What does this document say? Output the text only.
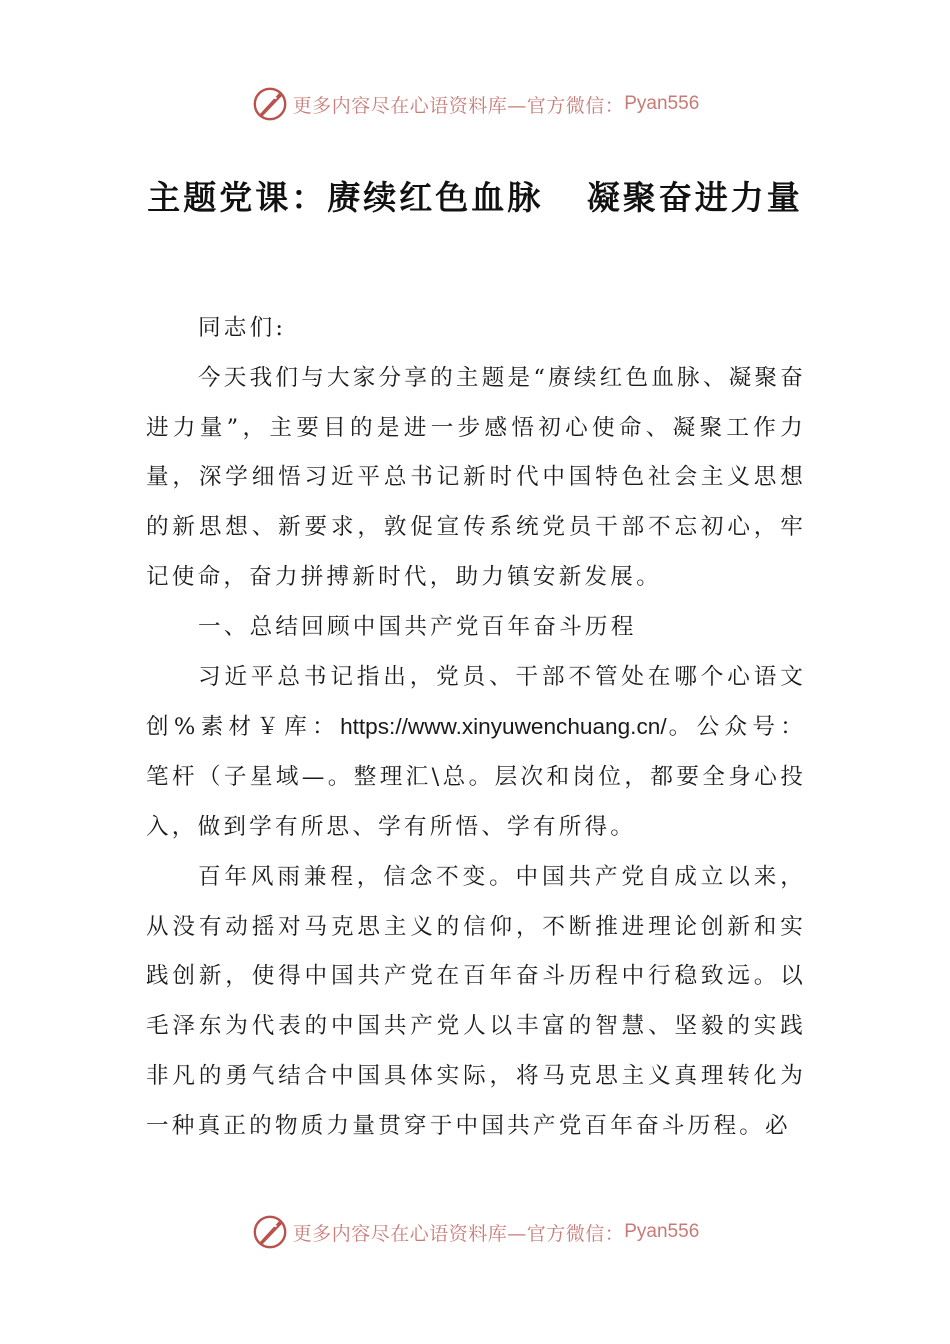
更多内容尽在心语资料库—官方微信： Pyan556
主题党课：赓续红色血脉   凝聚奋进力量

同志们:

今天我们与大家分享的主题是“赓续红色血脉、凝聚奋进力量”，主要目的是进一步感悟初心使命、凝聚工作力量，深学细悟习近平总书记新时代中国特色社会主义思想的新思想、新要求，敦促宣传系统党员干部不忘初心，牢记使命，奋力拼搏新时代，助力镇安新发展。

一、总结回顾中国共产党百年奋斗历程

习近平总书记指出，党员、干部不管处在哪个心语文创%素材￥库：https://www.xinyuwenchuang.cn/。公众号：笔杆（子星域—。整理汇\总。层次和岗位，都要全身心投入，做到学有所思、学有所悟、学有所得。

百年风雨兼程，信念不变。中国共产党自成立以来，从没有动摇对马克思主义的信仰，不断推进理论创新和实践创新，使得中国共产党在百年奋斗历程中行稳致远。以毛泽东为代表的中国共产党人以丰富的智慧、坚毅的实践非凡的勇气结合中国具体实际，将马克思主义真理转化为一种真正的物质力量贯穿于中国共产党百年奋斗历程。必

更多内容尽在心语资料库—官方微信： Pyan556
